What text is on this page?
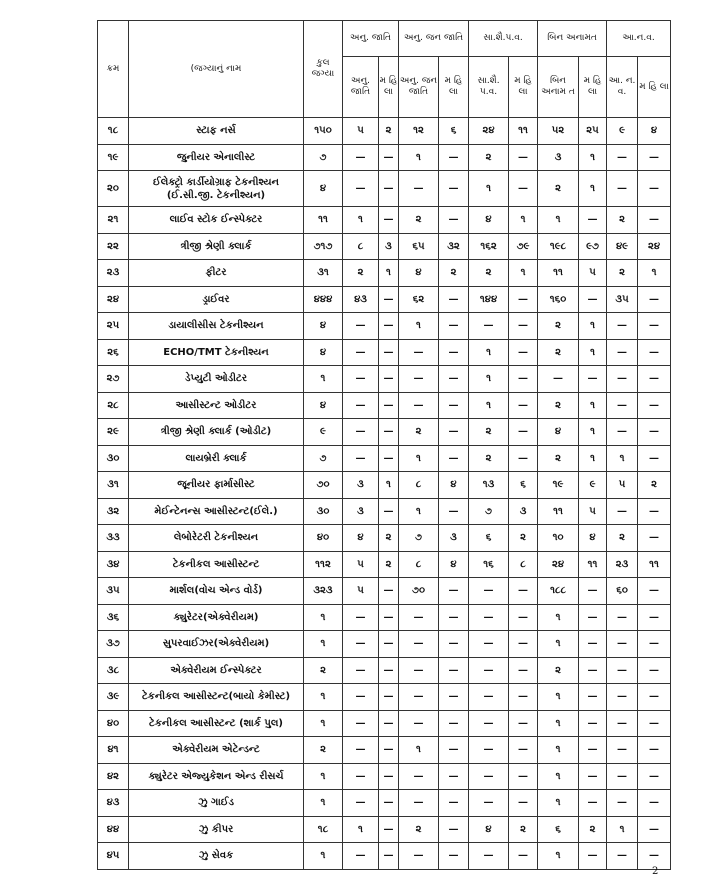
ક્રમ	(જગ્યાનું નામ	કુલ જગ્યા	અનુ. જાતિ		અનુ. જન જાતિ		સા.શૈ.પ.વ.		બિન અનામત		આ.ન.વ.	
			અનુ. જાતિ	મ હિ લા	અનુ. જન જાતિ	મ હિ લા	સા.શૈ. પ.વ.	મ હિ લા	બિન અનામ ત	મ હિ લા	આ. ન. વ.	મ હિ લા
૧૮	સ્ટાફ નર્સ	૧૫૦	૫	૨	૧૨	૬	૨૪	૧૧	૫૨	૨૫	૯	૪
૧૯	જુનીયર એનાલીસ્ટ	૭	—	—	૧	—	૨	—	૩	૧	—	—
૨૦	ઈલેક્ટ્રો કાર્ડીયોગ્રાફ ટેકનીશ્યન (ઈ.સી.જી. ટેકનીશ્યન)	૪	—	—	—	—	૧	—	૨	૧	—	—
૨૧	લાઈવ સ્ટોક ઈન્સ્પેક્ટર	૧૧	૧	—	૨	—	૪	૧	૧	—	૨	—
૨૨	ત્રીજી શ્રેણી ક્લાર્ક	૭૧૭	૮	૩	૬૫	૩૨	૧૬૨	૭૯	૧૯૮	૯૭	૪૯	૨૪
૨૩	ફીટર	૩૧	૨	૧	૪	૨	૨	૧	૧૧	૫	૨	૧
૨૪	ડ્રાઈવર	૪૪૪	૪૩	—	૬૨	—	૧૪૪	—	૧૬૦	—	૩૫	—
૨૫	ડાયાલીસીસ ટેકનીશ્યન	૪	—	—	૧	—	—	—	૨	૧	—	—
૨૬	ECHO/TMT ટેકનીશ્યન	૪	—	—	—	—	૧	—	૨	૧	—	—
૨૭	ડેપ્યુટી ઓડીટર	૧	—	—	—	—	૧	—	—	—	—	—
૨૮	આસીસ્ટન્ટ ઓડીટર	૪	—	—	—	—	૧	—	૨	૧	—	—
૨૯	ત્રીજી શ્રેણી ક્લાર્ક (ઓડીટ)	૯	—	—	૨	—	૨	—	૪	૧	—	—
૩૦	લાયબ્રેરી ક્લાર્ક	૭	—	—	૧	—	૨	—	૨	૧	૧	—
૩૧	જૂનીયર ફાર્માસીસ્ટ	૭૦	૩	૧	૮	૪	૧૩	૬	૧૯	૯	૫	૨
૩૨	મેઈન્ટેનન્સ આસીસ્ટન્ટ(ઈલે.)	૩૦	૩	—	૧	—	૭	૩	૧૧	૫	—	—
૩૩	લેબોરેટરી ટેકનીશ્યન	૪૦	૪	૨	૭	૩	૬	૨	૧૦	૪	૨	—
૩૪	ટેકનીકલ આસીસ્ટન્ટ	૧૧૨	૫	૨	૮	૪	૧૬	૮	૨૪	૧૧	૨૩	૧૧
૩૫	માર્શલ(વોચ એન્ડ વોર્ડ)	૩૨૩	૫	—	૭૦	—	—	—	૧૮૮	—	૬૦	—
૩૬	ક્યુરેટર(એક્વેરીયમ)	૧	—	—	—	—	—	—	૧	—	—	—
૩૭	સુપરવાઈઝર(એક્વેરીયમ)	૧	—	—	—	—	—	—	૧	—	—	—
૩૮	એક્વેરીયમ ઈન્સ્પેક્ટર	૨	—	—	—	—	—	—	૨	—	—	—
૩૯	ટેકનીકલ આસીસ્ટન્ટ(બાયો કેમીસ્ટ)	૧	—	—	—	—	—	—	૧	—	—	—
૪૦	ટેકનીકલ આસીસ્ટન્ટ (શાર્ક પુલ)	૧	—	—	—	—	—	—	૧	—	—	—
૪૧	એક્વેરીયમ એટેન્ડન્ટ	૨	—	—	૧	—	—	—	૧	—	—	—
૪૨	ક્યુરેટર એજ્યુકેશન એન્ડ રીસર્ચ	૧	—	—	—	—	—	—	૧	—	—	—
૪૩	ઝુ ગાઈડ	૧	—	—	—	—	—	—	૧	—	—	—
૪૪	ઝુ કીપર	૧૮	૧	—	૨	—	૪	૨	૬	૨	૧	—
૪૫	ઝુ સેવક	૧	—	—	—	—	—	—	૧	—	—	—
2
